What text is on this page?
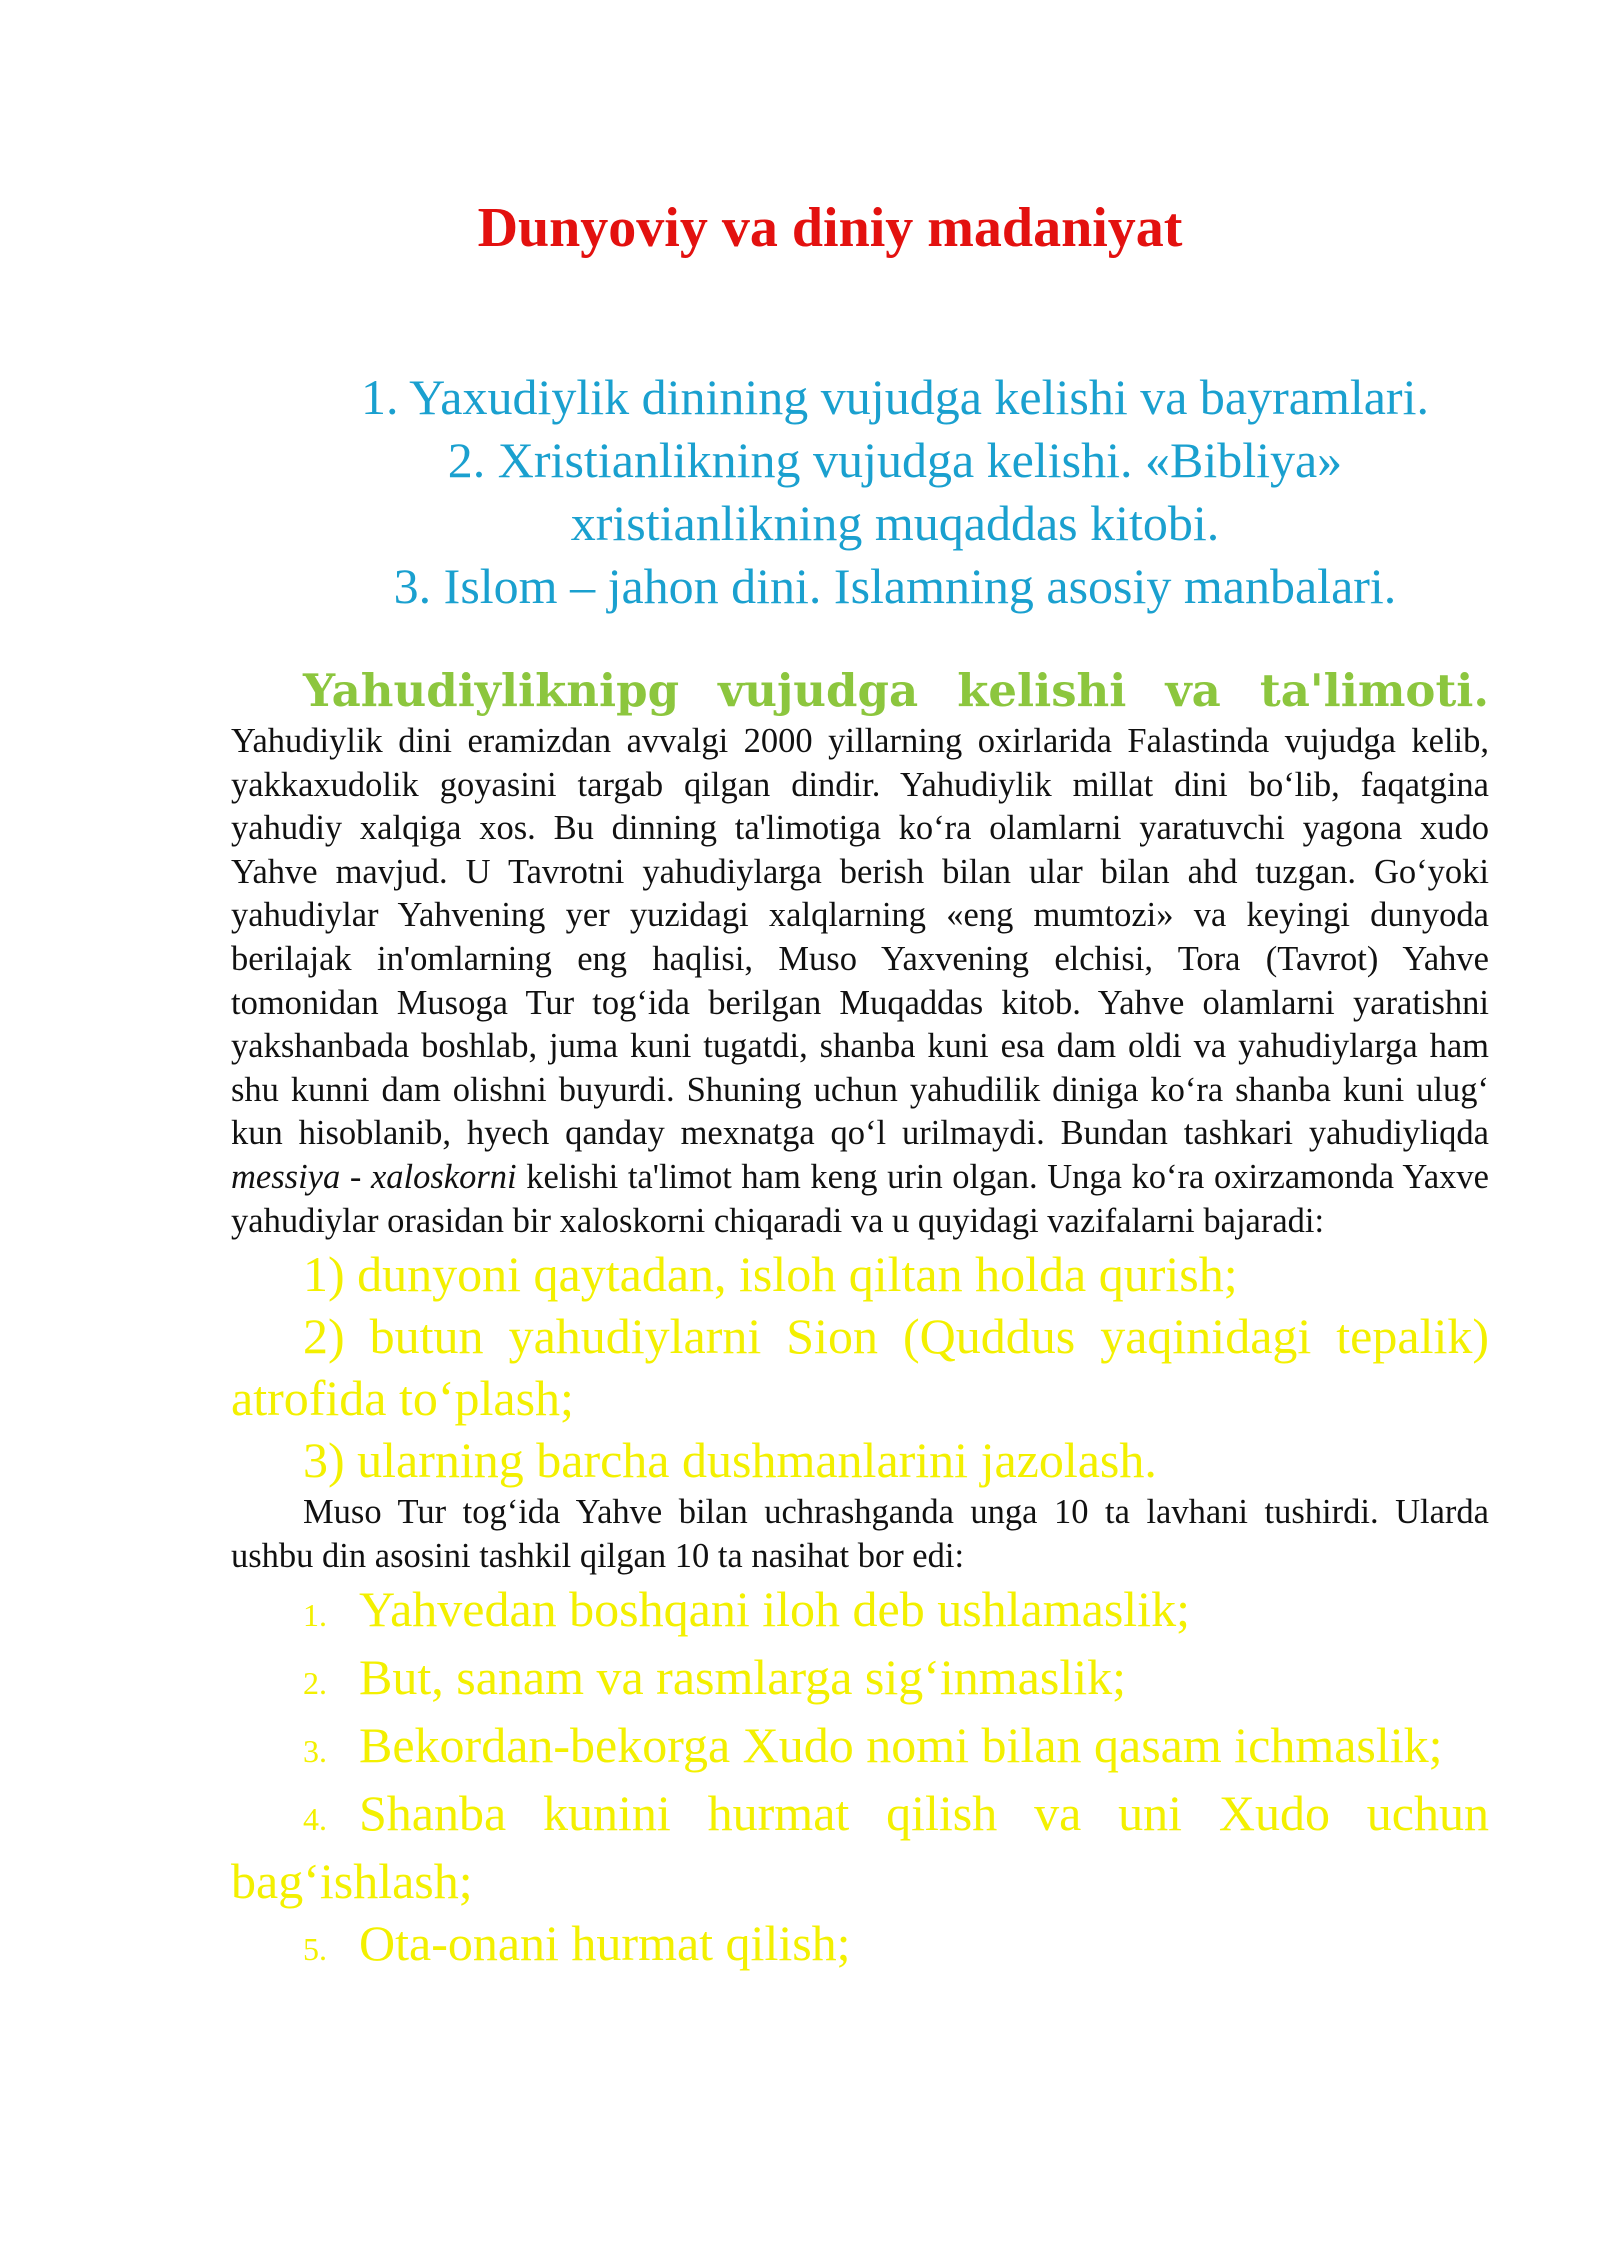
Dunyoviy va diniy madaniyat
1. Yaxudiylik dinining vujudga kelishi va bayramlari.
2. Xristianlikning vujudga kelishi. «Bibliya» xristianlikning muqaddas kitobi.
3. Islom – jahon dini. Islamning asosiy manbalari.

Yahudiyliknipg vujudga kelishi va ta'limoti.

Yahudiylik dini eramizdan avvalgi 2000 yillarning oxirlarida Falastinda vujudga kelib, yakkaxudolik goyasini targab qilgan dindir. Yahudiylik millat dini bo‘lib, faqatgina yahudiy xalqiga xos. Bu dinning ta'limotiga ko‘ra olamlarni yaratuvchi yagona xudo Yahve mavjud. U Tavrotni yahudiylarga berish bilan ular bilan ahd tuzgan. Go‘yoki yahudiylar Yahvening yer yuzidagi xalqlarning «eng mumtozi» va keyingi dunyoda berilajak in'omlarning eng haqlisi, Muso Yaxvening elchisi, Tora (Tavrot) Yahve tomonidan Musoga Tur tog‘ida berilgan Muqaddas kitob. Yahve olamlarni yaratishni yakshanbada boshlab, juma kuni tugatdi, shanba kuni esa dam oldi va yahudiylarga ham shu kunni dam olishni buyurdi. Shuning uchun yahudilik diniga ko‘ra shanba kuni ulug‘ kun hisoblanib, hyech qanday mexnatga qo‘l urilmaydi. Bundan tashkari yahudiyliqda messiya - xaloskorni kelishi ta'limot ham keng urin olgan. Unga ko‘ra oxirzamonda Yaxve yahudiylar orasidan bir xaloskorni chiqaradi va u quyidagi vazifalarni bajaradi:

1) dunyoni qaytadan, isloh qiltan holda qurish;

2) butun yahudiylarni Sion (Quddus yaqinidagi tepalik) atrofida to‘plash;

3) ularning barcha dushmanlarini jazolash.

Muso Tur tog‘ida Yahve bilan uchrashganda unga 10 ta lavhani tushirdi. Ularda ushbu din asosini tashkil qilgan 10 ta nasihat bor edi:

1. Yahvedan boshqani iloh deb ushlamaslik;
2. But, sanam va rasmlarga sig‘inmaslik;
3. Bekordan-bekorga Xudo nomi bilan qasam ichmaslik;
4. Shanba kunini hurmat qilish va uni Xudo uchun bag‘ishlash;
5. Ota-onani hurmat qilish;
